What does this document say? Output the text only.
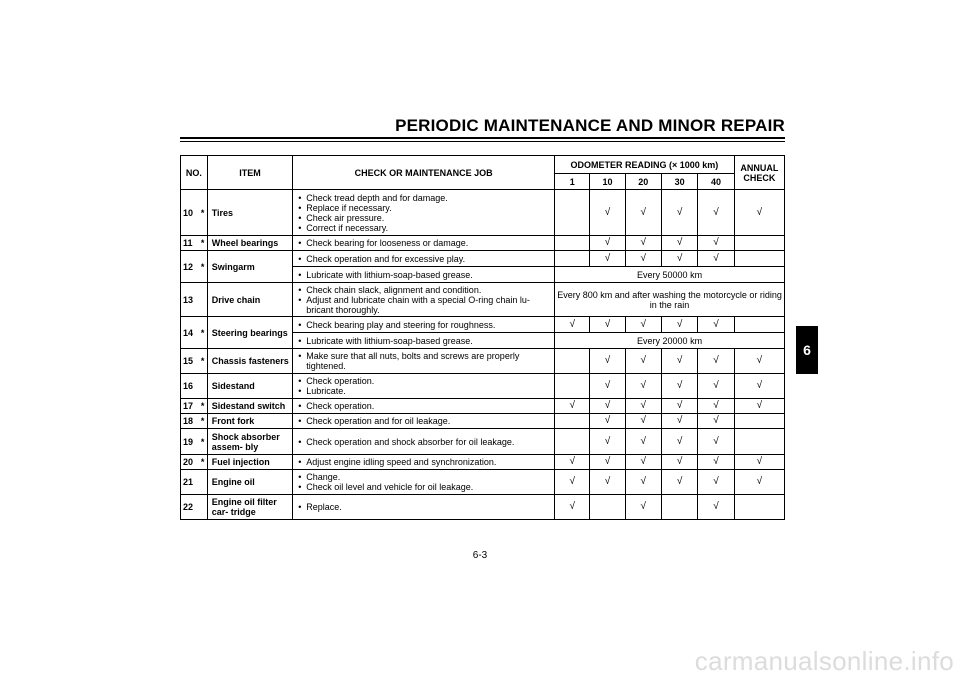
PERIODIC MAINTENANCE AND MINOR REPAIR
6
NO.		ITEM	CHECK OR MAINTENANCE JOB	ODOMETER READING (× 1000 km)					ANNUAL CHECK
				1	10	20	30	40	
10	*	Tires	• Check tread depth and for damage.
• Replace if necessary.
• Check air pressure.
• Correct if necessary.		√	√	√	√	√
11	*	Wheel bearings	• Check bearing for looseness or damage.		√	√	√	√	
12	*	Swingarm	• Check operation and for excessive play.		√	√	√	√	

			• Lubricate with lithium-soap-based grease.	Every 50000 km					
13		Drive chain	• Check chain slack, alignment and condition.
• Adjust and lubricate chain with a special O-ring chain lu- bricant thoroughly.	Every 800 km and after washing the motorcycle or riding in the rain					
14	*	Steering bearings	• Check bearing play and steering for roughness.	√	√	√	√	√	

			• Lubricate with lithium-soap-based grease.	Every 20000 km					
15	*	Chassis fasteners	• Make sure that all nuts, bolts and screws are properly tightened.		√	√	√	√	√
16		Sidestand	• Check operation.
• Lubricate.		√	√	√	√	√
17	*	Sidestand switch	• Check operation.	√	√	√	√	√	√
18	*	Front fork	• Check operation and for oil leakage.		√	√	√	√	
19	*	Shock absorber assem- bly	• Check operation and shock absorber for oil leakage.		√	√	√	√	
20	*	Fuel injection	• Adjust engine idling speed and synchronization.	√	√	√	√	√	√
21		Engine oil	• Change.
• Check oil level and vehicle for oil leakage.	√	√	√	√	√	√
22		Engine oil filter car- tridge	• Replace.	√		√		√	
6-3
carmanualsonline.info
